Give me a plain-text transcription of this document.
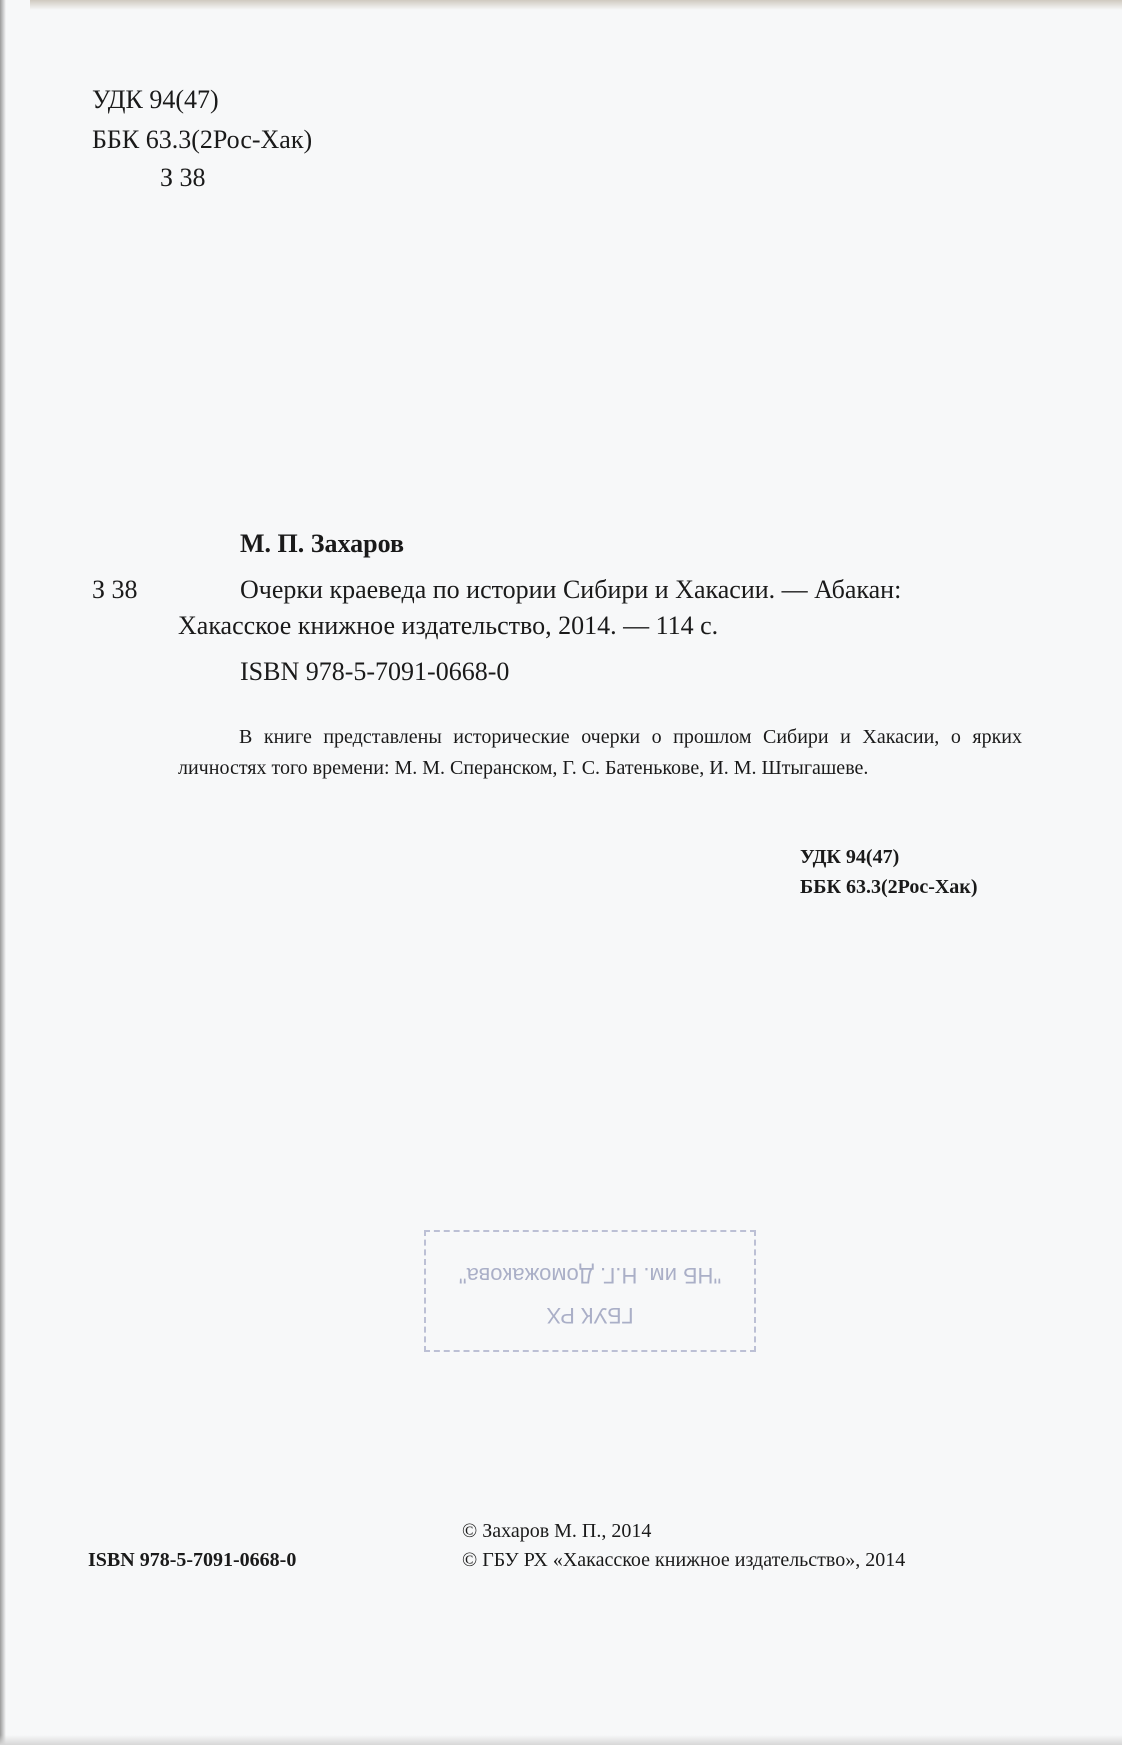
УДК 94(47)

ББК 63.3(2Рос-Хак)

З 38

М. П. Захаров

З 38	Очерки краеведа по истории Сибири и Хакасии. — Абакан:

Хакасское книжное издательство, 2014. — 114 с.

ISBN 978-5-7091-0668-0

В книге представлены исторические очерки о прошлом Сибири и Хакасии, о ярких личностях того времени: М. М. Сперанском, Г. С. Батенькове, И. М. Штыгашеве.

УДК 94(47)

ББК 63.3(2Рос-Хак)

ГБУК РХ
"НБ им. Н.Г. Доможакова"

ISBN 978-5-7091-0668-0

© Захаров М. П., 2014

© ГБУ РХ «Хакасское книжное издательство», 2014
